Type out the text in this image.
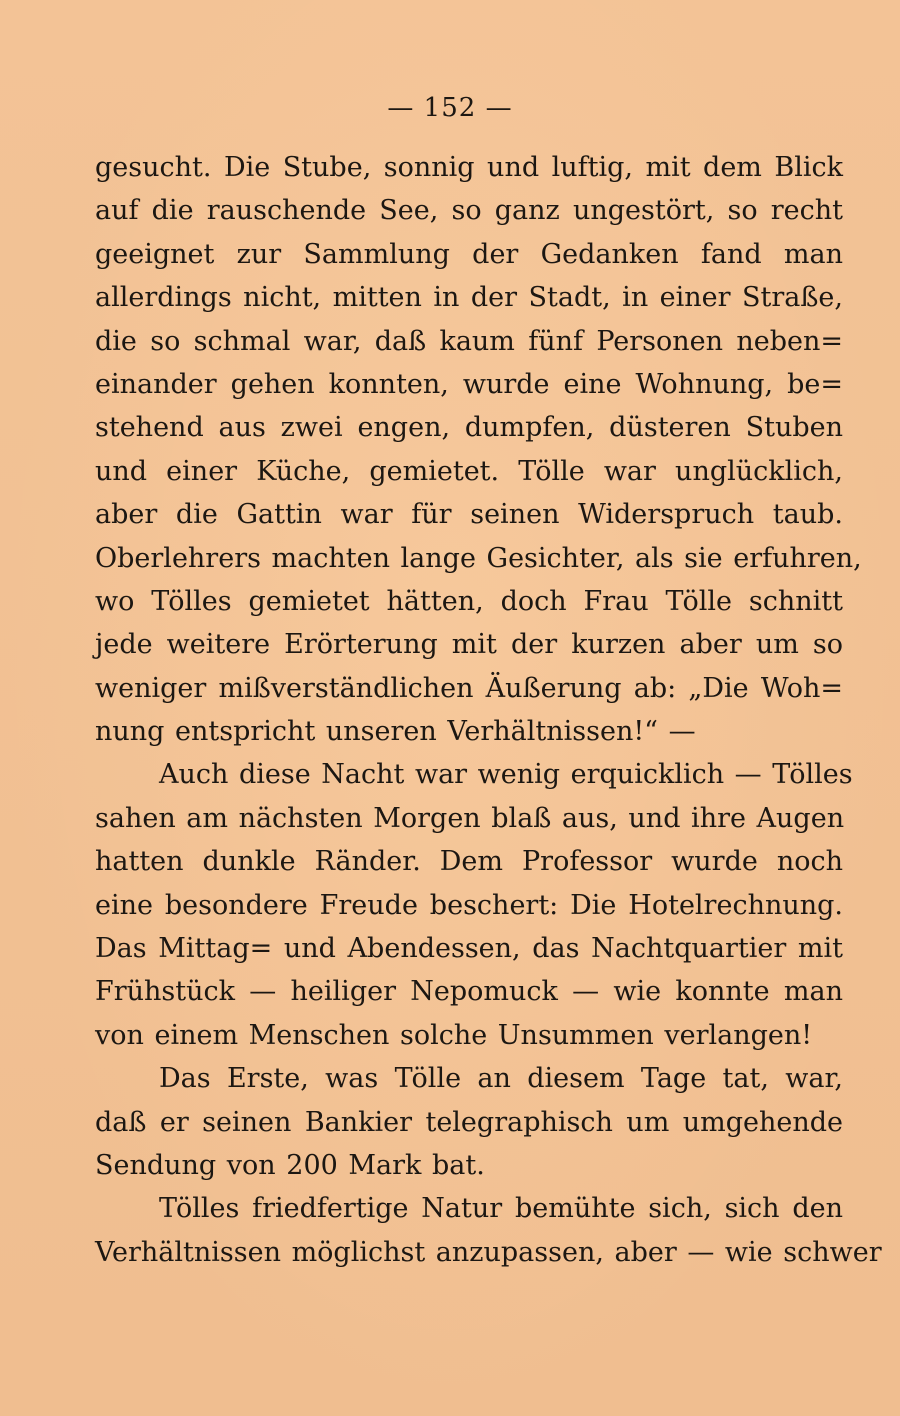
— 152 —
gesucht. Die Stube, sonnig und luftig, mit dem Blick
auf die rauschende See, so ganz ungestört, so recht
geeignet zur Sammlung der Gedanken fand man
allerdings nicht, mitten in der Stadt, in einer Straße,
die so schmal war, daß kaum fünf Personen neben=
einander gehen konnten, wurde eine Wohnung, be=
stehend aus zwei engen, dumpfen, düsteren Stuben
und einer Küche, gemietet. Tölle war unglücklich,
aber die Gattin war für seinen Widerspruch taub.
Oberlehrers machten lange Gesichter, als sie erfuhren,
wo Tölles gemietet hätten, doch Frau Tölle schnitt
jede weitere Erörterung mit der kurzen aber um so
weniger mißverständlichen Äußerung ab: „Die Woh=
nung entspricht unseren Verhältnissen!“ —
Auch diese Nacht war wenig erquicklich — Tölles
sahen am nächsten Morgen blaß aus, und ihre Augen
hatten dunkle Ränder. Dem Professor wurde noch
eine besondere Freude beschert: Die Hotelrechnung.
Das Mittag= und Abendessen, das Nachtquartier mit
Frühstück — heiliger Nepomuck — wie konnte man
von einem Menschen solche Unsummen verlangen!
Das Erste, was Tölle an diesem Tage tat, war,
daß er seinen Bankier telegraphisch um umgehende
Sendung von 200 Mark bat.
Tölles friedfertige Natur bemühte sich, sich den
Verhältnissen möglichst anzupassen, aber — wie schwer
